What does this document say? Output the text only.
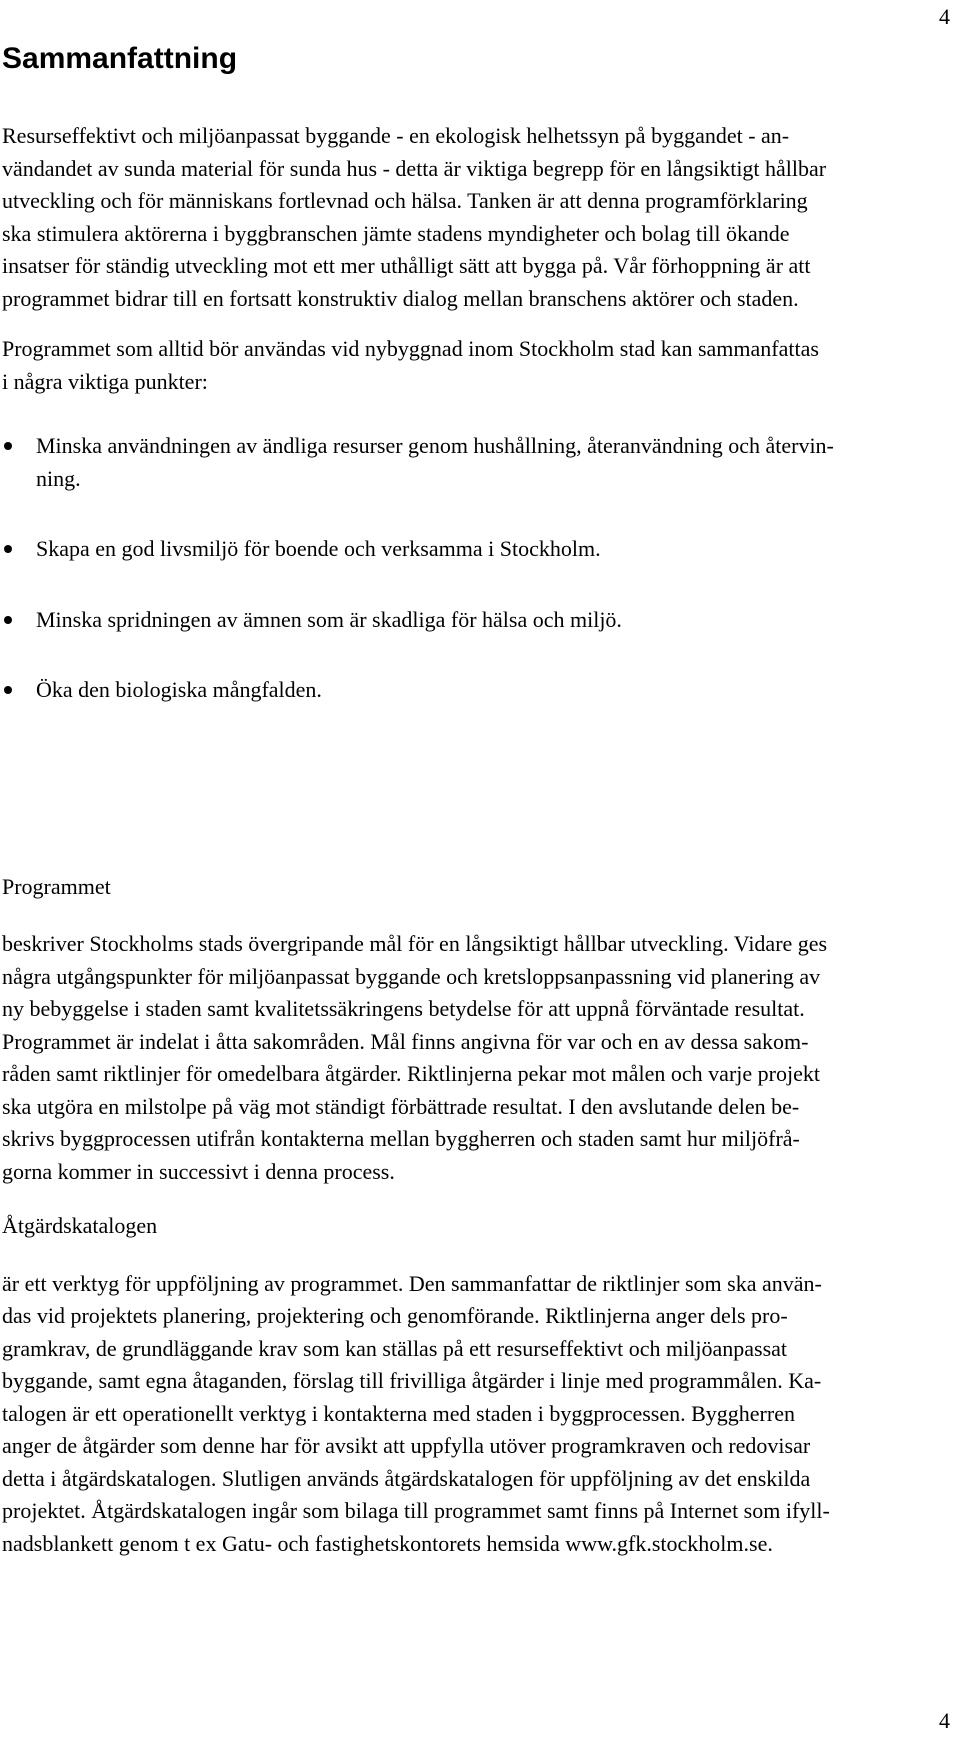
4
Sammanfattning

Resurseffektivt och miljöanpassat byggande - en ekologisk helhetssyn på byggandet - an-
vändandet av sunda material för sunda hus - detta är viktiga begrepp för en långsiktigt hållbar
utveckling och för människans fortlevnad och hälsa. Tanken är att denna programförklaring
ska stimulera aktörerna i byggbranschen jämte stadens myndigheter och bolag till ökande
insatser för ständig utveckling mot ett mer uthålligt sätt att bygga på. Vår förhoppning är att
programmet bidrar till en fortsatt konstruktiv dialog mellan branschens aktörer och staden.

Programmet som alltid bör användas vid nybyggnad inom Stockholm stad kan sammanfattas
i några viktiga punkter:

Minska användningen av ändliga resurser genom hushållning, återanvändning och återvin-
ning.
Skapa en god livsmiljö för boende och verksamma i Stockholm.
Minska spridningen av ämnen som är skadliga för hälsa och miljö.
Öka den biologiska mångfalden.
Programmet

beskriver Stockholms stads övergripande mål för en långsiktigt hållbar utveckling. Vidare ges
några utgångspunkter för miljöanpassat byggande och kretsloppsanpassning vid planering av
ny bebyggelse i staden samt kvalitetssäkringens betydelse för att uppnå förväntade resultat.
Programmet är indelat i åtta sakområden. Mål finns angivna för var och en av dessa sakom-
råden samt riktlinjer för omedelbara åtgärder. Riktlinjerna pekar mot målen och varje projekt
ska utgöra en milstolpe på väg mot ständigt förbättrade resultat. I den avslutande delen be-
skrivs byggprocessen utifrån kontakterna mellan byggherren och staden samt hur miljöfrå-
gorna kommer in successivt i denna process.

Åtgärdskatalogen

är ett verktyg för uppföljning av programmet. Den sammanfattar de riktlinjer som ska använ-
das vid projektets planering, projektering och genomförande. Riktlinjerna anger dels pro-
gramkrav, de grundläggande krav som kan ställas på ett resurseffektivt och miljöanpassat
byggande, samt egna åtaganden, förslag till frivilliga åtgärder i linje med programmålen. Ka-
talogen är ett operationellt verktyg i kontakterna med staden i byggprocessen. Byggherren
anger de åtgärder som denne har för avsikt att uppfylla utöver programkraven och redovisar
detta i åtgärdskatalogen. Slutligen används åtgärdskatalogen för uppföljning av det enskilda
projektet. Åtgärdskatalogen ingår som bilaga till programmet samt finns på Internet som ifyll-
nadsblankett genom t ex Gatu- och fastighetskontorets hemsida www.gfk.stockholm.se.

4
